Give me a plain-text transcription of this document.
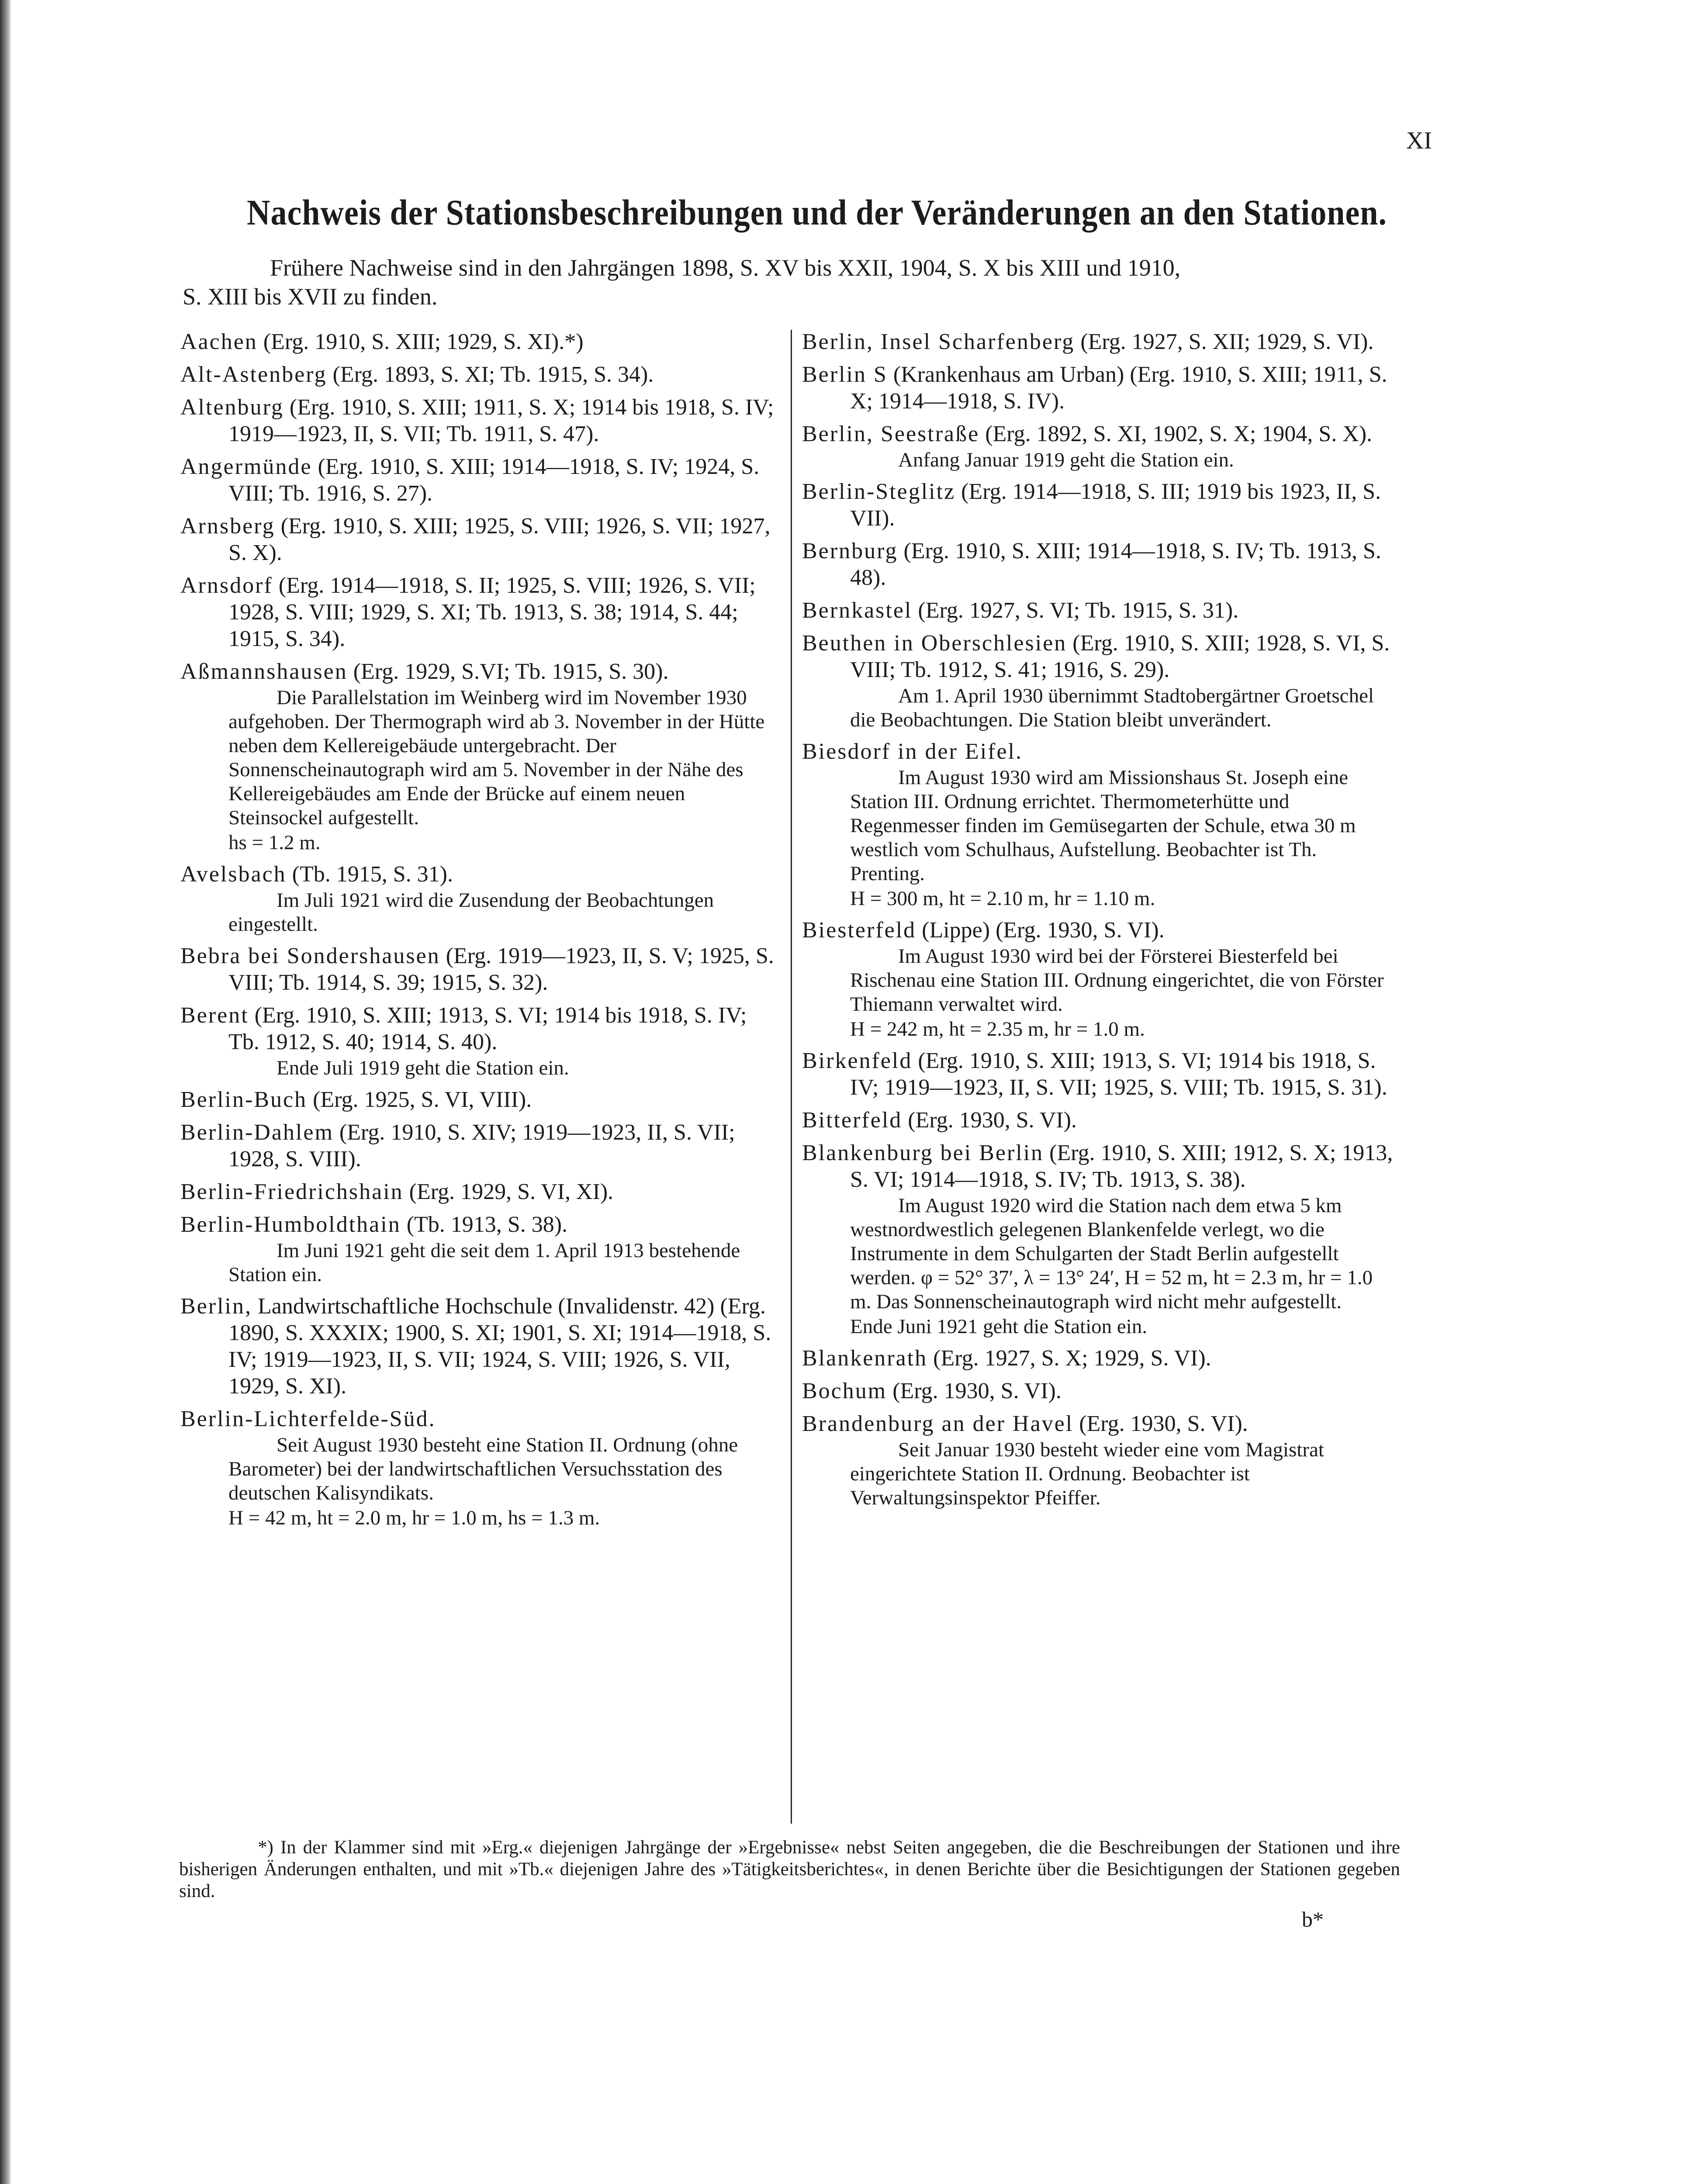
XI
Nachweis der Stationsbeschreibungen und der Veränderungen an den Stationen.
Frühere Nachweise sind in den Jahrgängen 1898, S. XV bis XXII, 1904, S. X bis XIII und 1910,
S. XIII bis XVII zu finden.
Aachen (Erg. 1910, S. XIII; 1929, S. XI).*)
Alt-Astenberg (Erg. 1893, S. XI; Tb. 1915, S. 34).
Altenburg (Erg. 1910, S. XIII; 1911, S. X; 1914 bis 1918, S. IV; 1919—1923, II, S. VII; Tb. 1911, S. 47).
Angermünde (Erg. 1910, S. XIII; 1914—1918, S. IV; 1924, S. VIII; Tb. 1916, S. 27).
Arnsberg (Erg. 1910, S. XIII; 1925, S. VIII; 1926, S. VII; 1927, S. X).
Arnsdorf (Erg. 1914—1918, S. II; 1925, S. VIII; 1926, S. VII; 1928, S. VIII; 1929, S. XI; Tb. 1913, S. 38; 1914, S. 44; 1915, S. 34).
Aßmannshausen (Erg. 1929, S.VI; Tb. 1915, S. 30).
Die Parallelstation im Weinberg wird im November 1930 aufgehoben. Der Thermograph wird ab 3. November in der Hütte neben dem Kellereigebäude untergebracht. Der Sonnenscheinautograph wird am 5. November in der Nähe des Kellereigebäudes am Ende der Brücke auf einem neuen Steinsockel aufgestellt.
hs = 1.2 m.
Avelsbach (Tb. 1915, S. 31).
Im Juli 1921 wird die Zusendung der Beobachtungen eingestellt.
Bebra bei Sondershausen (Erg. 1919—1923, II, S. V; 1925, S. VIII; Tb. 1914, S. 39; 1915, S. 32).
Berent (Erg. 1910, S. XIII; 1913, S. VI; 1914 bis 1918, S. IV; Tb. 1912, S. 40; 1914, S. 40).
Ende Juli 1919 geht die Station ein.
Berlin-Buch (Erg. 1925, S. VI, VIII).
Berlin-Dahlem (Erg. 1910, S. XIV; 1919—1923, II, S. VII; 1928, S. VIII).
Berlin-Friedrichshain (Erg. 1929, S. VI, XI).
Berlin-Humboldthain (Tb. 1913, S. 38).
Im Juni 1921 geht die seit dem 1. April 1913 bestehende Station ein.
Berlin, Landwirtschaftliche Hochschule (Invalidenstr. 42) (Erg. 1890, S. XXXIX; 1900, S. XI; 1901, S. XI; 1914—1918, S. IV; 1919—1923, II, S. VII; 1924, S. VIII; 1926, S. VII, 1929, S. XI).
Berlin-Lichterfelde-Süd.
Seit August 1930 besteht eine Station II. Ordnung (ohne Barometer) bei der landwirtschaftlichen Versuchsstation des deutschen Kalisyndikats.
H = 42 m, ht = 2.0 m, hr = 1.0 m, hs = 1.3 m.
Berlin, Insel Scharfenberg (Erg. 1927, S. XII; 1929, S. VI).
Berlin S (Krankenhaus am Urban) (Erg. 1910, S. XIII; 1911, S. X; 1914—1918, S. IV).
Berlin, Seestraße (Erg. 1892, S. XI, 1902, S. X; 1904, S. X).
Anfang Januar 1919 geht die Station ein.
Berlin-Steglitz (Erg. 1914—1918, S. III; 1919 bis 1923, II, S. VII).
Bernburg (Erg. 1910, S. XIII; 1914—1918, S. IV; Tb. 1913, S. 48).
Bernkastel (Erg. 1927, S. VI; Tb. 1915, S. 31).
Beuthen in Oberschlesien (Erg. 1910, S. XIII; 1928, S. VI, S. VIII; Tb. 1912, S. 41; 1916, S. 29).
Am 1. April 1930 übernimmt Stadtobergärtner Groetschel die Beobachtungen. Die Station bleibt unverändert.
Biesdorf in der Eifel.
Im August 1930 wird am Missionshaus St. Joseph eine Station III. Ordnung errichtet. Thermometerhütte und Regenmesser finden im Gemüsegarten der Schule, etwa 30 m westlich vom Schulhaus, Aufstellung. Beobachter ist Th. Prenting.
H = 300 m, ht = 2.10 m, hr = 1.10 m.
Biesterfeld (Lippe) (Erg. 1930, S. VI).
Im August 1930 wird bei der Försterei Biesterfeld bei Rischenau eine Station III. Ordnung eingerichtet, die von Förster Thiemann verwaltet wird.
H = 242 m, ht = 2.35 m, hr = 1.0 m.
Birkenfeld (Erg. 1910, S. XIII; 1913, S. VI; 1914 bis 1918, S. IV; 1919—1923, II, S. VII; 1925, S. VIII; Tb. 1915, S. 31).
Bitterfeld (Erg. 1930, S. VI).
Blankenburg bei Berlin (Erg. 1910, S. XIII; 1912, S. X; 1913, S. VI; 1914—1918, S. IV; Tb. 1913, S. 38).
Im August 1920 wird die Station nach dem etwa 5 km westnordwestlich gelegenen Blankenfelde verlegt, wo die Instrumente in dem Schulgarten der Stadt Berlin aufgestellt werden. φ = 52° 37′, λ = 13° 24′, H = 52 m, ht = 2.3 m, hr = 1.0 m. Das Sonnenscheinautograph wird nicht mehr aufgestellt.
Ende Juni 1921 geht die Station ein.
Blankenrath (Erg. 1927, S. X; 1929, S. VI).
Bochum (Erg. 1930, S. VI).
Brandenburg an der Havel (Erg. 1930, S. VI).
Seit Januar 1930 besteht wieder eine vom Magistrat eingerichtete Station II. Ordnung. Beobachter ist Verwaltungsinspektor Pfeiffer.
*) In der Klammer sind mit »Erg.« diejenigen Jahrgänge der »Ergebnisse« nebst Seiten angegeben, die die Beschreibungen der Stationen und ihre bisherigen Änderungen enthalten, und mit »Tb.« diejenigen Jahre des »Tätigkeitsberichtes«, in denen Berichte über die Besichtigungen der Stationen gegeben sind.
b*
